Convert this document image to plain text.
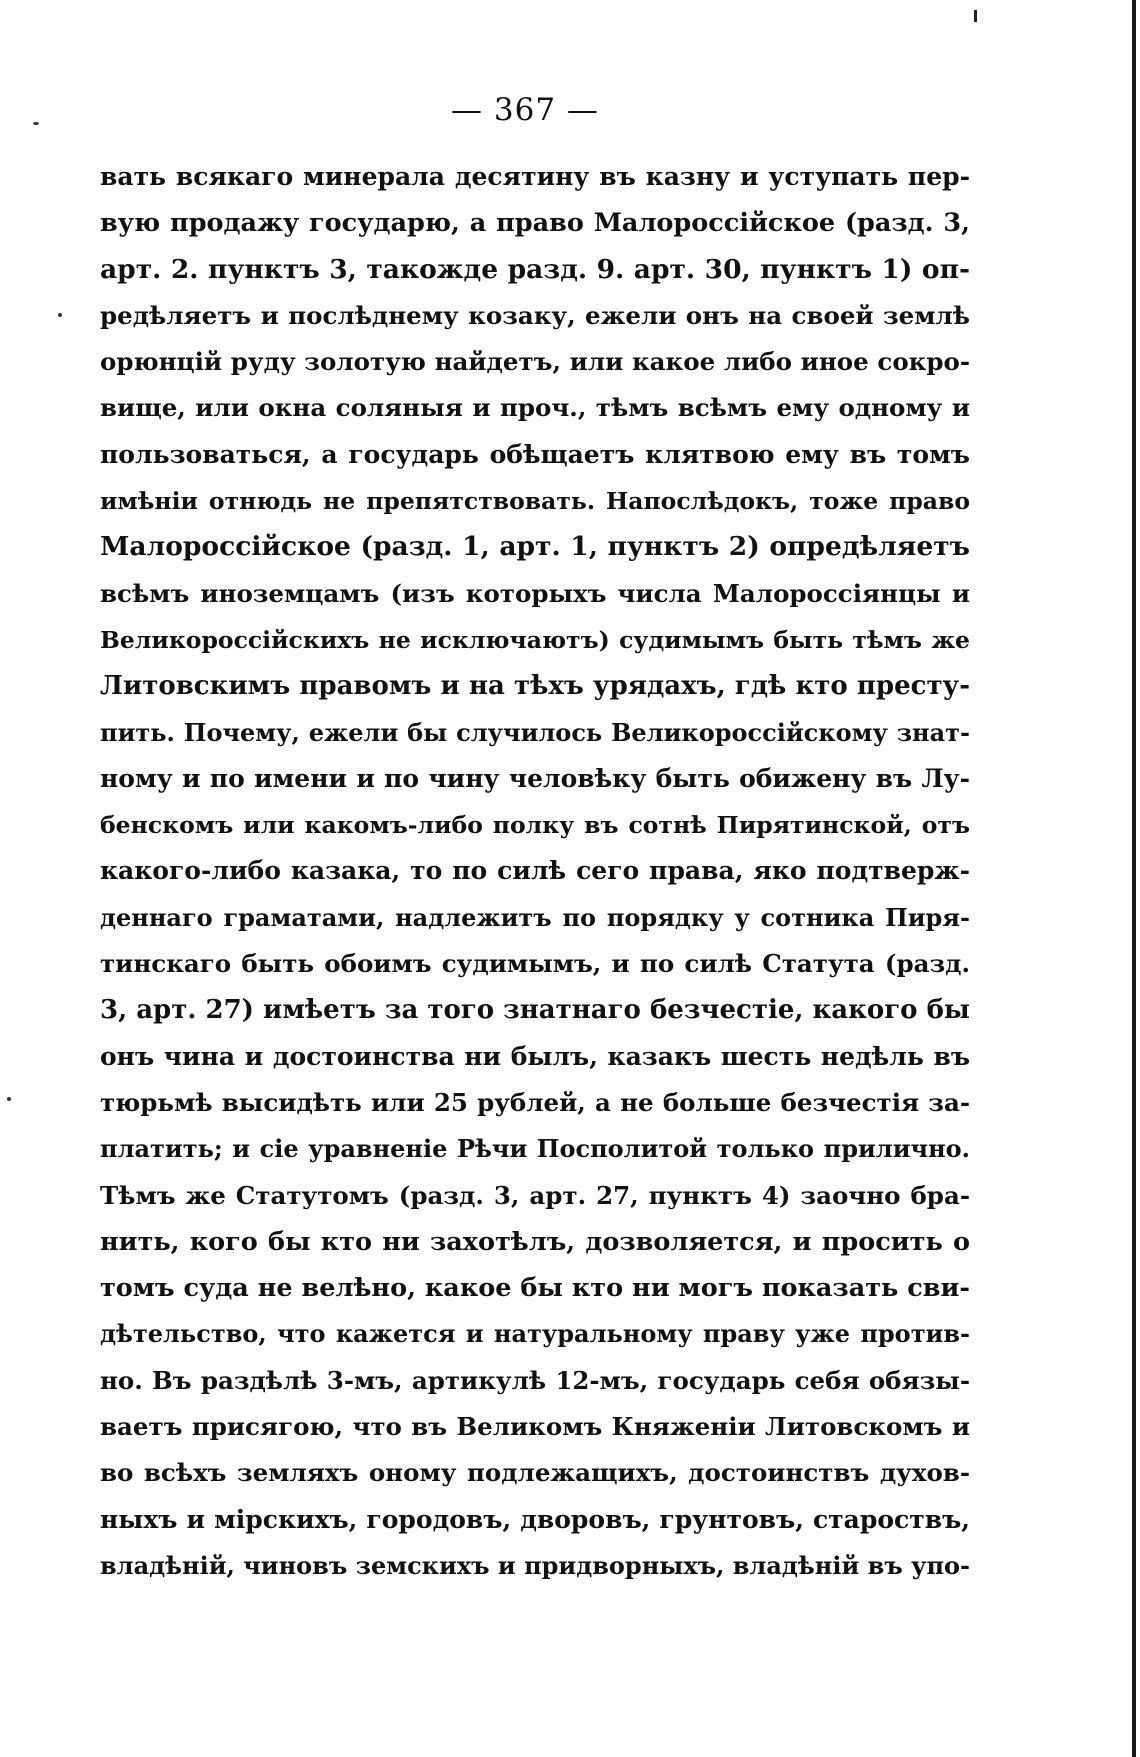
— 367 —
вать всякаго минерала десятину въ казну и уступать пер-
вую продажу государю, а право Малороссійское (разд. 3,
арт. 2. пунктъ 3, такожде разд. 9. арт. 30, пунктъ 1) оп-
редѣляетъ и послѣднему козаку, ежели онъ на своей землѣ
орюнцій руду золотую найдетъ, или какое либо иное сокро-
вище, или окна соляныя и проч., тѣмъ всѣмъ ему одному и
пользоваться, а государь обѣщаетъ клятвою ему въ томъ
имѣніи отнюдь не препятствовать. Напослѣдокъ, тоже право
Малороссійское (разд. 1, арт. 1, пунктъ 2) опредѣляетъ
всѣмъ иноземцамъ (изъ которыхъ числа Малороссіянцы и
Великороссійскихъ не исключаютъ) судимымъ быть тѣмъ же
Литовскимъ правомъ и на тѣхъ урядахъ, гдѣ кто престу-
пить. Почему, ежели бы случилось Великороссійскому знат-
ному и по имени и по чину человѣку быть обижену въ Лу-
бенскомъ или какомъ-либо полку въ сотнѣ Пирятинской, отъ
какого-либо казака, то по силѣ сего права, яко подтверж-
деннаго граматами, надлежитъ по порядку у сотника Пиря-
тинскаго быть обоимъ судимымъ, и по силѣ Статута (разд.
3, арт. 27) имѣетъ за того знатнаго безчестіе, какого бы
онъ чина и достоинства ни былъ, казакъ шесть недѣль въ
тюрьмѣ высидѣть или 25 рублей, а не больше безчестія за-
платить; и сіе уравненіе Рѣчи Посполитой только прилично.
Тѣмъ же Статутомъ (разд. 3, арт. 27, пунктъ 4) заочно бра-
нить, кого бы кто ни захотѣлъ, дозволяется, и просить о
томъ суда не велѣно, какое бы кто ни могъ показать сви-
дѣтельство, что кажется и натуральному праву уже против-
но. Въ раздѣлѣ 3-мъ, артикулѣ 12-мъ, государь себя обязы-
ваетъ присягою, что въ Великомъ Княженіи Литовскомъ и
во всѣхъ земляхъ оному подлежащихъ, достоинствъ духов-
ныхъ и мірскихъ, городовъ, дворовъ, грунтовъ, староствъ,
владѣній, чиновъ земскихъ и придворныхъ, владѣній въ упо-
